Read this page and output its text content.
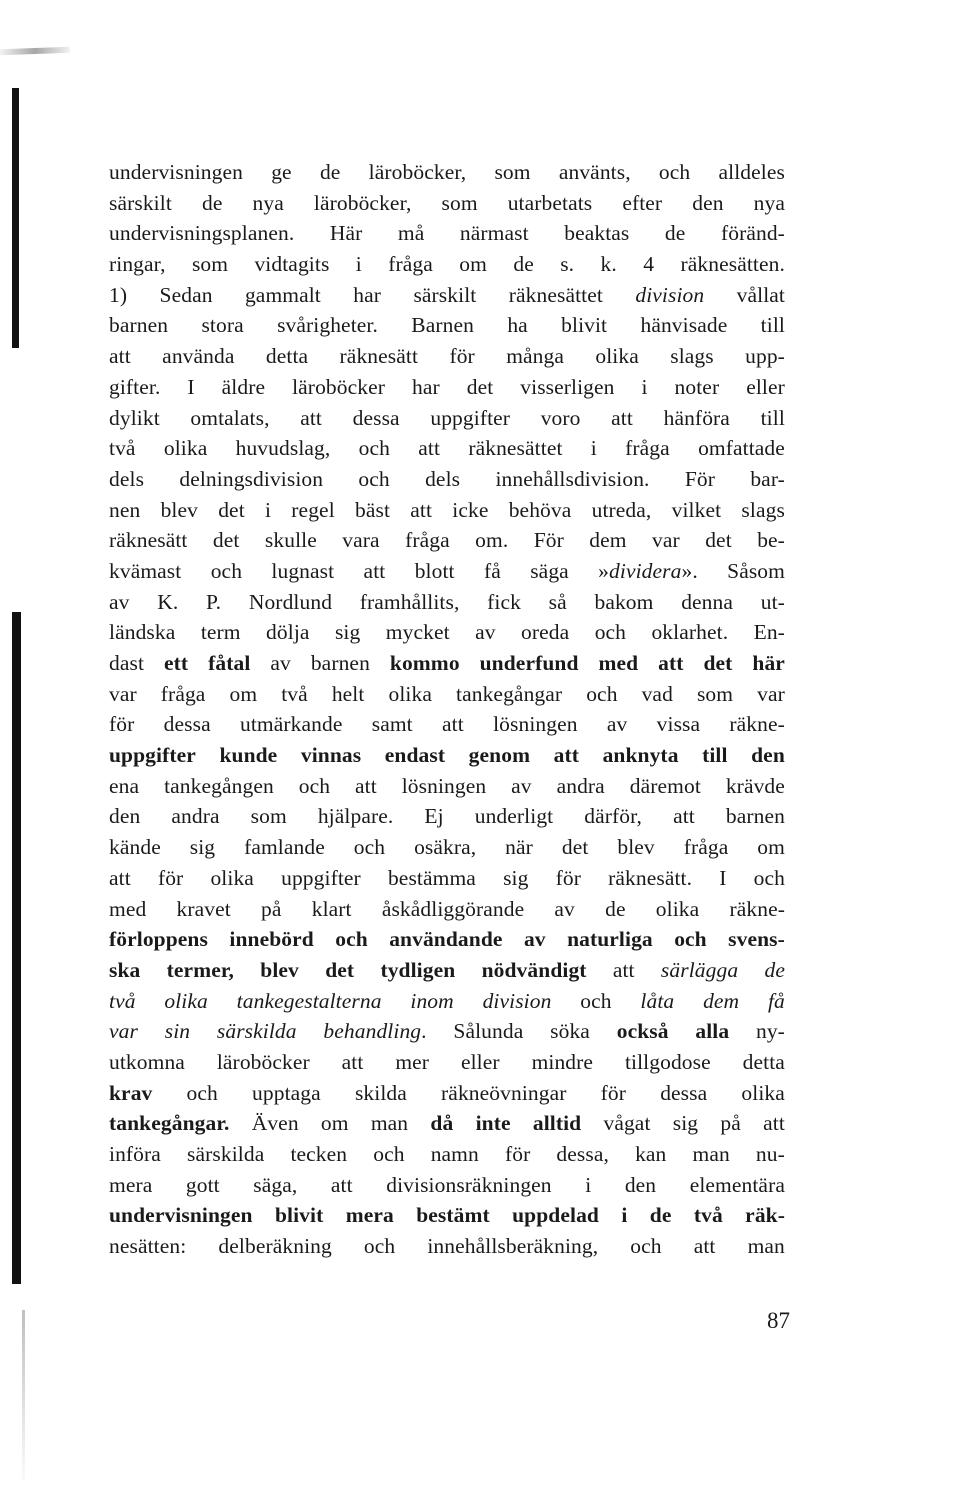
undervisningen ge de läroböcker, som använts, och alldeles
särskilt de nya läroböcker, som utarbetats efter den nya
undervisningsplanen. Här må närmast beaktas de föränd-
ringar, som vidtagits i fråga om de s. k. 4 räknesätten.
1) Sedan gammalt har särskilt räknesättet division vållat
barnen stora svårigheter. Barnen ha blivit hänvisade till
att använda detta räknesätt för många olika slags upp-
gifter. I äldre läroböcker har det visserligen i noter eller
dylikt omtalats, att dessa uppgifter voro att hänföra till
två olika huvudslag, och att räknesättet i fråga omfattade
dels delningsdivision och dels innehållsdivision. För bar-
nen blev det i regel bäst att icke behöva utreda, vilket slags
räknesätt det skulle vara fråga om. För dem var det be-
kvämast och lugnast att blott få säga »dividera». Såsom
av K. P. Nordlund framhållits, fick så bakom denna ut-
ländska term dölja sig mycket av oreda och oklarhet. En-
dast ett fåtal av barnen kommo underfund med att det här
var fråga om två helt olika tankegångar och vad som var
för dessa utmärkande samt att lösningen av vissa räkne-
uppgifter kunde vinnas endast genom att anknyta till den
ena tankegången och att lösningen av andra däremot krävde
den andra som hjälpare. Ej underligt därför, att barnen
kände sig famlande och osäkra, när det blev fråga om
att för olika uppgifter bestämma sig för räknesätt. I och
med kravet på klart åskådliggörande av de olika räkne-
förloppens innebörd och användande av naturliga och svens-
ska termer, blev det tydligen nödvändigt att särlägga de
två olika tankegestalterna inom division och låta dem få
var sin särskilda behandling. Sålunda söka också alla ny-
utkomna läroböcker att mer eller mindre tillgodose detta
krav och upptaga skilda räkneövningar för dessa olika
tankegångar. Även om man då inte alltid vågat sig på att
införa särskilda tecken och namn för dessa, kan man nu-
mera gott säga, att divisionsräkningen i den elementära
undervisningen blivit mera bestämt uppdelad i de två räk-
nesätten: delberäkning och innehållsberäkning, och att man
87
